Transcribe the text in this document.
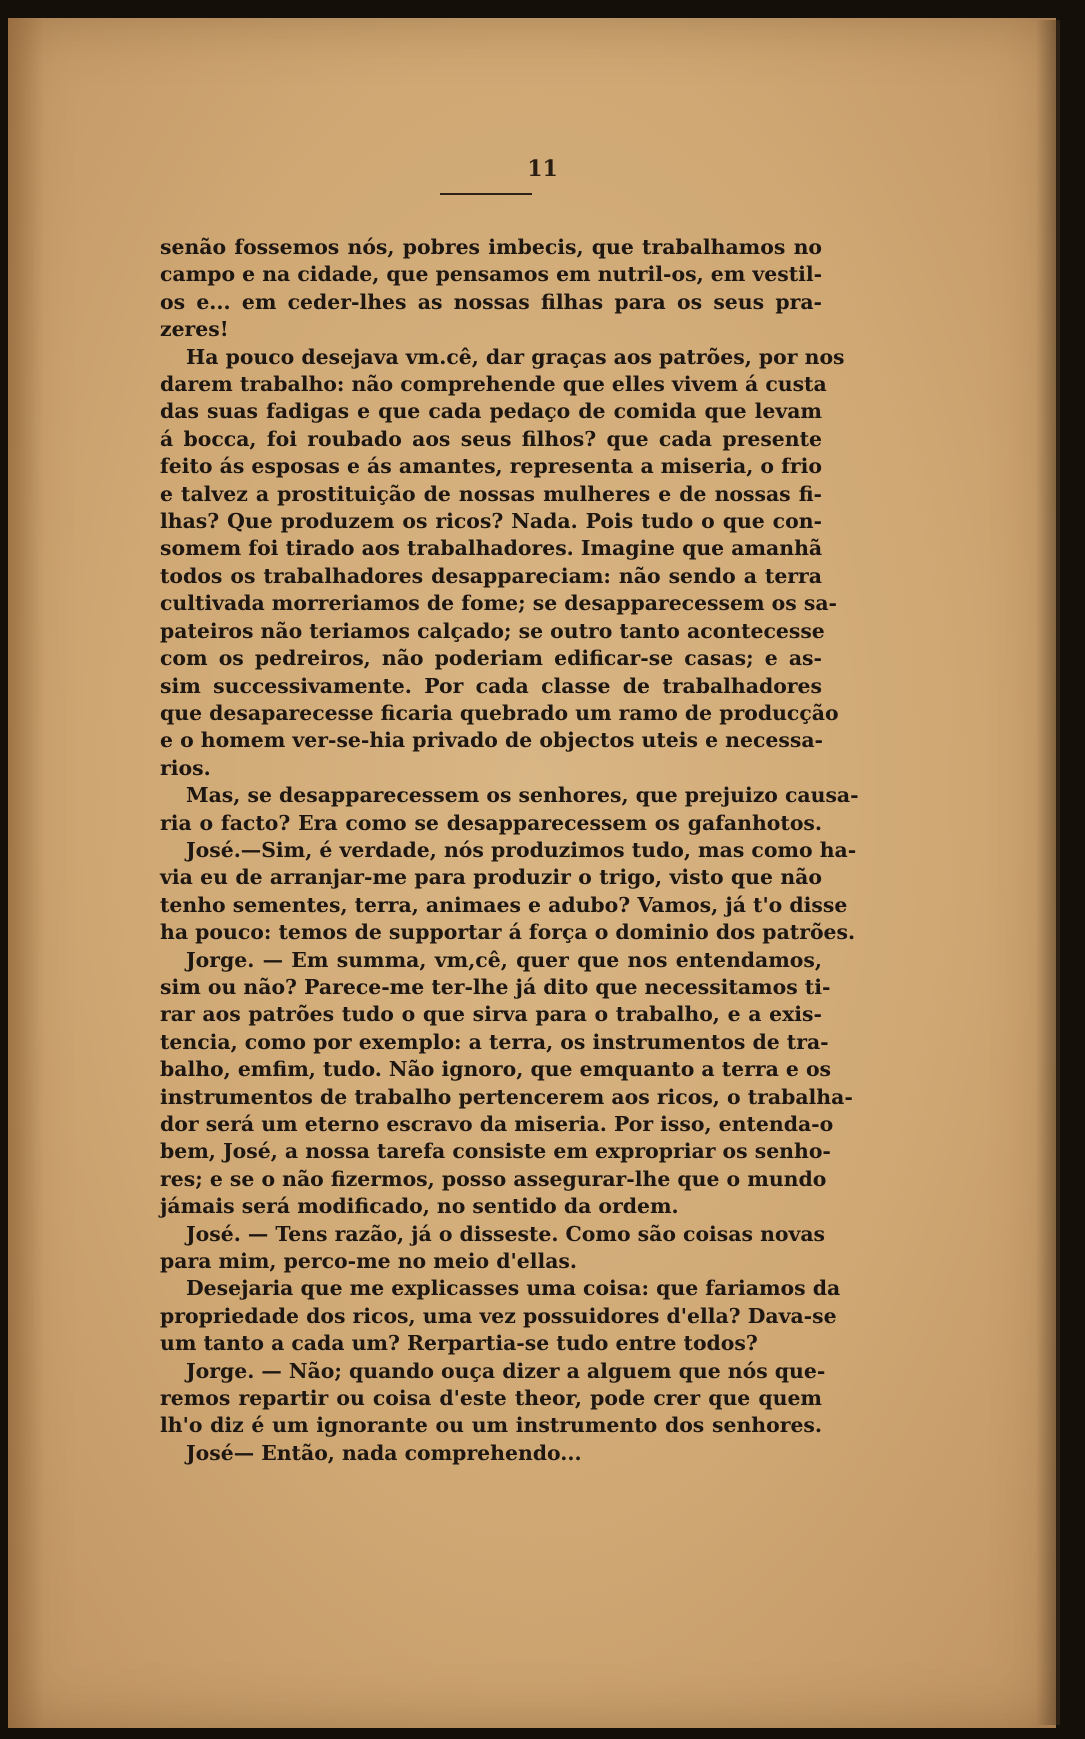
11
senão fossemos nós, pobres imbecis, que trabalhamos no
campo e na cidade, que pensamos em nutril-os, em vestil-
os e... em ceder-lhes as nossas filhas para os seus pra-
zeres!
Ha pouco desejava vm.cê, dar graças aos patrões, por nos
darem trabalho: não comprehende que elles vivem á custa
das suas fadigas e que cada pedaço de comida que levam
á bocca, foi roubado aos seus filhos? que cada presente
feito ás esposas e ás amantes, representa a miseria, o frio
e talvez a prostituição de nossas mulheres e de nossas fi-
lhas? Que produzem os ricos? Nada. Pois tudo o que con-
somem foi tirado aos trabalhadores. Imagine que amanhã
todos os trabalhadores desappareciam: não sendo a terra
cultivada morreriamos de fome; se desapparecessem os sa-
pateiros não teriamos calçado; se outro tanto acontecesse
com os pedreiros, não poderiam edificar-se casas; e as-
sim successivamente. Por cada classe de trabalhadores
que desaparecesse ficaria quebrado um ramo de producção
e o homem ver-se-hia privado de objectos uteis e necessa-
rios.
Mas, se desapparecessem os senhores, que prejuizo causa-
ria o facto? Era como se desapparecessem os gafanhotos.
José.—Sim, é verdade, nós produzimos tudo, mas como ha-
via eu de arranjar-me para produzir o trigo, visto que não
tenho sementes, terra, animaes e adubo? Vamos, já t'o disse
ha pouco: temos de supportar á força o dominio dos patrões.
Jorge. — Em summa, vm,cê, quer que nos entendamos,
sim ou não? Parece-me ter-lhe já dito que necessitamos ti-
rar aos patrões tudo o que sirva para o trabalho, e a exis-
tencia, como por exemplo: a terra, os instrumentos de tra-
balho, emfim, tudo. Não ignoro, que emquanto a terra e os
instrumentos de trabalho pertencerem aos ricos, o trabalha-
dor será um eterno escravo da miseria. Por isso, entenda-o
bem, José, a nossa tarefa consiste em expropriar os senho-
res; e se o não fizermos, posso assegurar-lhe que o mundo
jámais será modificado, no sentido da ordem.
José. — Tens razão, já o disseste. Como são coisas novas
para mim, perco-me no meio d'ellas.
Desejaria que me explicasses uma coisa: que fariamos da
propriedade dos ricos, uma vez possuidores d'ella? Dava-se
um tanto a cada um? Rerpartia-se tudo entre todos?
Jorge. — Não; quando ouça dizer a alguem que nós que-
remos repartir ou coisa d'este theor, pode crer que quem
lh'o diz é um ignorante ou um instrumento dos senhores.
José— Então, nada comprehendo...
